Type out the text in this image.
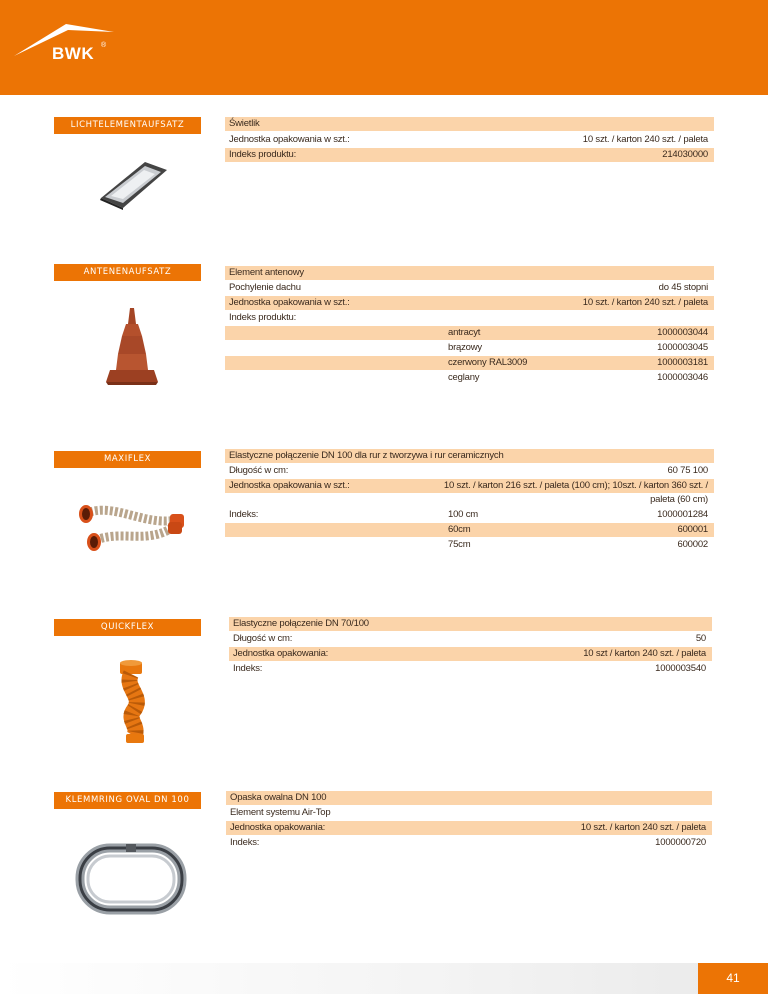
BWK ®
LICHTELEMENTAUFSATZ	Świetlik
Jednostka opakowania w szt.:	10 szt. / karton 240 szt. / paleta
Indeks produktu:	214030000
ANTENENAUFSATZ	Element antenowy
Pochylenie dachu	do 45 stopni
Jednostka opakowania w szt.:	10 szt. / karton 240 szt. / paleta
Indeks produktu:
antracyt	1000003044
brązowy	1000003045
czerwony RAL3009	1000003181
ceglany	1000003046
MAXIFLEX	Elastyczne połączenie DN 100 dla rur z tworzywa i rur ceramicznych
Długość w cm:	60 75 100
Jednostka opakowania w szt.:	10 szt. / karton 216 szt. / paleta (100 cm); 10szt. / karton 360 szt. /
paleta (60 cm)
Indeks:	100 cm	1000001284
60cm	600001
75cm	600002
QUICKFLEX	Elastyczne połączenie DN 70/100
Długość w cm:	50
Jednostka opakowania:	10 szt / karton 240 szt. / paleta
Indeks:	1000003540
KLEMMRING OVAL DN 100	Opaska owalna DN 100
Element systemu Air-Top
Jednostka opakowania:	10 szt. / karton 240 szt. / paleta
Indeks:	1000000720
41
